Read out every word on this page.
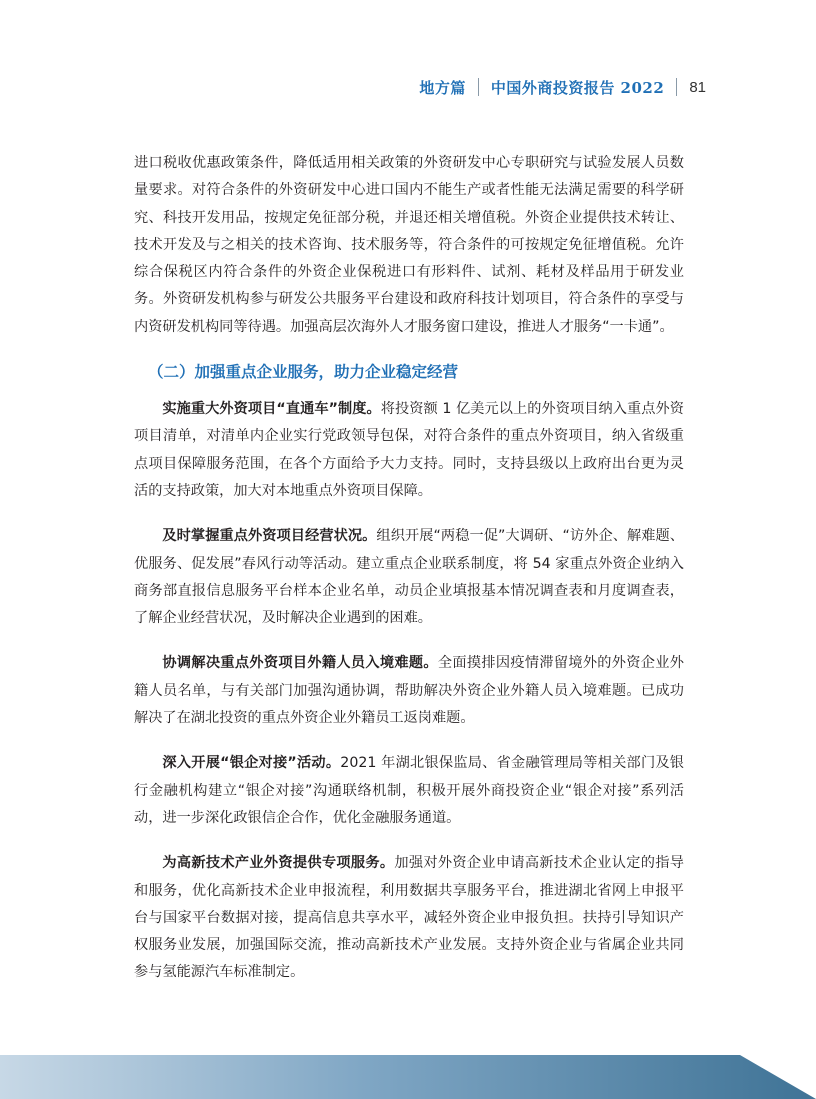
地方篇 中国外商投资报告 2022 81

进口税收优惠政策条件，降低适用相关政策的外资研发中心专职研究与试验发展人员数量要求。对符合条件的外资研发中心进口国内不能生产或者性能无法满足需要的科学研究、科技开发用品，按规定免征部分税，并退还相关增值税。外资企业提供技术转让、技术开发及与之相关的技术咨询、技术服务等，符合条件的可按规定免征增值税。允许综合保税区内符合条件的外资企业保税进口有形料件、试剂、耗材及样品用于研发业务。外资研发机构参与研发公共服务平台建设和政府科技计划项目，符合条件的享受与内资研发机构同等待遇。加强高层次海外人才服务窗口建设，推进人才服务“一卡通”。

（二）加强重点企业服务，助力企业稳定经营

实施重大外资项目“直通车”制度。将投资额 1 亿美元以上的外资项目纳入重点外资项目清单，对清单内企业实行党政领导包保，对符合条件的重点外资项目，纳入省级重点项目保障服务范围，在各个方面给予大力支持。同时，支持县级以上政府出台更为灵活的支持政策，加大对本地重点外资项目保障。

及时掌握重点外资项目经营状况。组织开展“两稳一促”大调研、“访外企、解难题、优服务、促发展”春风行动等活动。建立重点企业联系制度，将 54 家重点外资企业纳入商务部直报信息服务平台样本企业名单，动员企业填报基本情况调查表和月度调查表，了解企业经营状况，及时解决企业遇到的困难。

协调解决重点外资项目外籍人员入境难题。全面摸排因疫情滞留境外的外资企业外籍人员名单，与有关部门加强沟通协调，帮助解决外资企业外籍人员入境难题。已成功解决了在湖北投资的重点外资企业外籍员工返岗难题。

深入开展“银企对接”活动。2021 年湖北银保监局、省金融管理局等相关部门及银行金融机构建立“银企对接”沟通联络机制，积极开展外商投资企业“银企对接”系列活动，进一步深化政银信企合作，优化金融服务通道。

为高新技术产业外资提供专项服务。加强对外资企业申请高新技术企业认定的指导和服务，优化高新技术企业申报流程，利用数据共享服务平台，推进湖北省网上申报平台与国家平台数据对接，提高信息共享水平，减轻外资企业申报负担。扶持引导知识产权服务业发展，加强国际交流，推动高新技术产业发展。支持外资企业与省属企业共同参与氢能源汽车标准制定。
